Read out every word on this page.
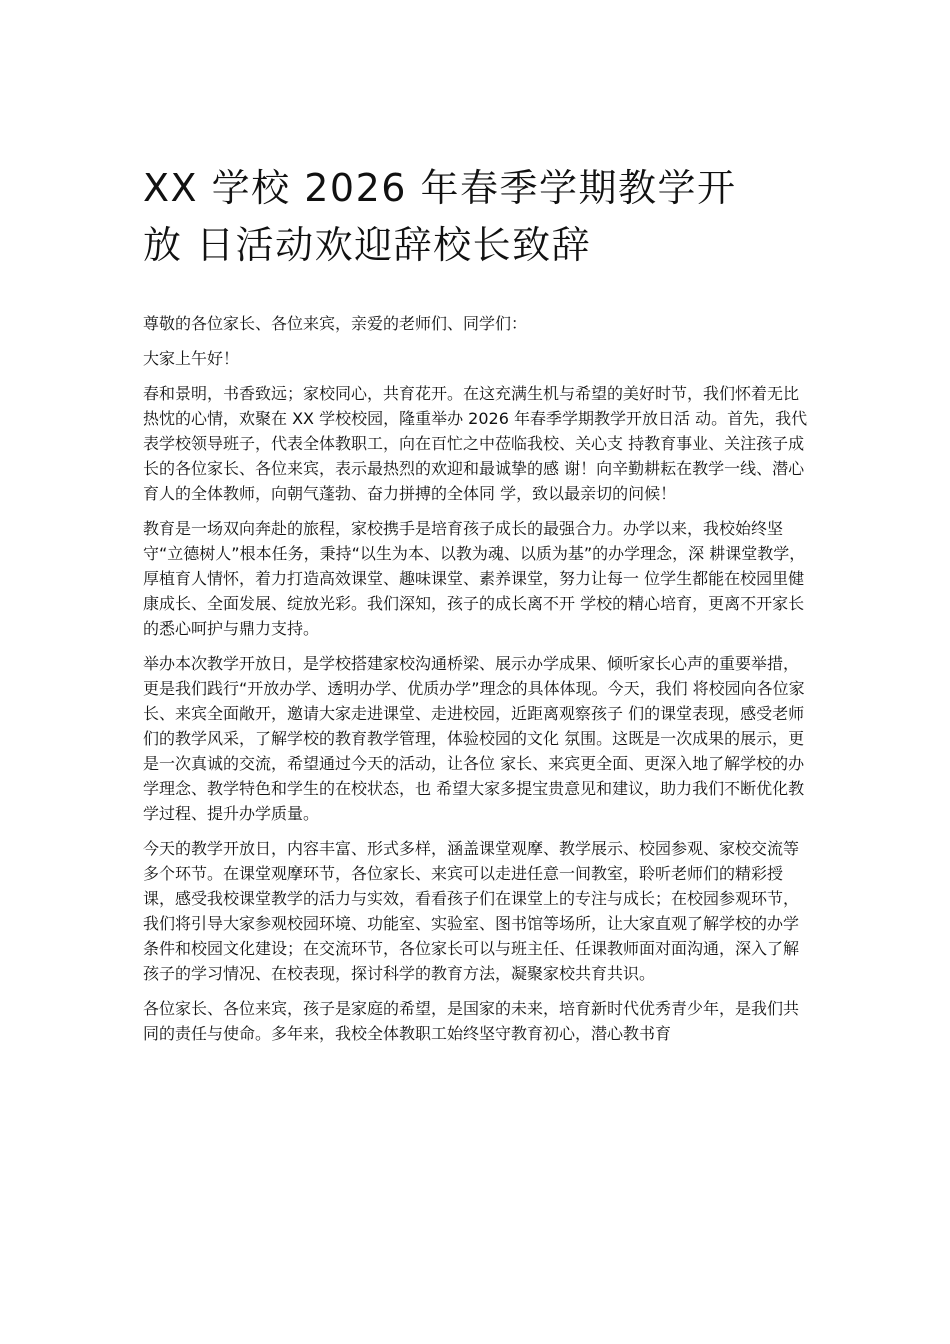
XX 学校 2026 年春季学期教学开
放 日活动欢迎辞校长致辞

尊敬的各位家长、各位来宾，亲爱的老师们、同学们：

大家上午好！

春和景明，书香致远；家校同心，共育花开。在这充满生机与希望的美好时节，我们怀着无比热忱的心情，欢聚在 XX 学校校园，隆重举办 2026 年春季学期教学开放日活 动。首先，我代表学校领导班子，代表全体教职工，向在百忙之中莅临我校、关心支 持教育事业、关注孩子成长的各位家长、各位来宾，表示最热烈的欢迎和最诚挚的感 谢！向辛勤耕耘在教学一线、潜心育人的全体教师，向朝气蓬勃、奋力拼搏的全体同 学，致以最亲切的问候！

教育是一场双向奔赴的旅程，家校携手是培育孩子成长的最强合力。办学以来，我校始终坚守“立德树人”根本任务，秉持“以生为本、以教为魂、以质为基”的办学理念，深 耕课堂教学，厚植育人情怀，着力打造高效课堂、趣味课堂、素养课堂，努力让每一 位学生都能在校园里健康成长、全面发展、绽放光彩。我们深知，孩子的成长离不开 学校的精心培育，更离不开家长的悉心呵护与鼎力支持。

举办本次教学开放日，是学校搭建家校沟通桥梁、展示办学成果、倾听家长心声的重要举措，更是我们践行“开放办学、透明办学、优质办学”理念的具体体现。今天，我们 将校园向各位家长、来宾全面敞开，邀请大家走进课堂、走进校园，近距离观察孩子 们的课堂表现，感受老师们的教学风采，了解学校的教育教学管理，体验校园的文化 氛围。这既是一次成果的展示，更是一次真诚的交流，希望通过今天的活动，让各位 家长、来宾更全面、更深入地了解学校的办学理念、教学特色和学生的在校状态，也 希望大家多提宝贵意见和建议，助力我们不断优化教学过程、提升办学质量。

今天的教学开放日，内容丰富、形式多样，涵盖课堂观摩、教学展示、校园参观、家校交流等多个环节。在课堂观摩环节，各位家长、来宾可以走进任意一间教室，聆听老师们的精彩授课，感受我校课堂教学的活力与实效，看看孩子们在课堂上的专注与成长；在校园参观环节，我们将引导大家参观校园环境、功能室、实验室、图书馆等场所，让大家直观了解学校的办学条件和校园文化建设；在交流环节，各位家长可以与班主任、任课教师面对面沟通，深入了解孩子的学习情况、在校表现，探讨科学的教育方法，凝聚家校共育共识。

各位家长、各位来宾，孩子是家庭的希望，是国家的未来，培育新时代优秀青少年，是我们共同的责任与使命。多年来，我校全体教职工始终坚守教育初心，潜心教书育
